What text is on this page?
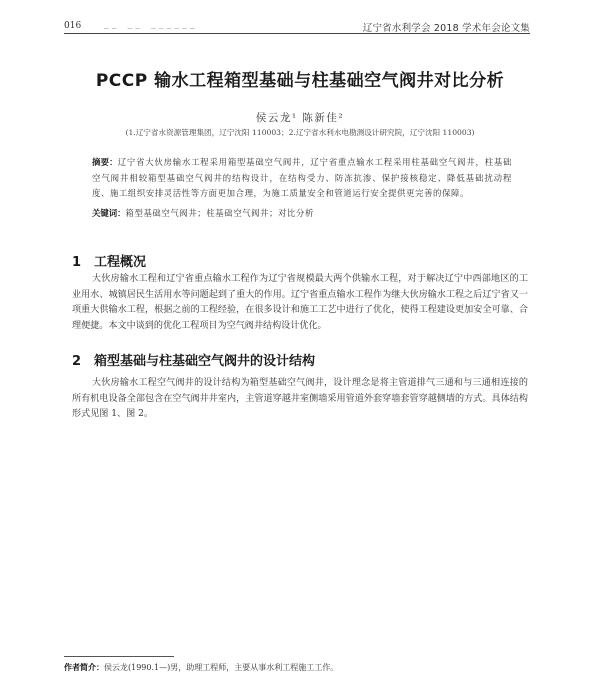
016	__ __ ______	辽宁省水利学会 2018 学术年会论文集
PCCP 输水工程箱型基础与柱基础空气阀井对比分析
侯云龙¹ 陈新佳²
(1.辽宁省水资源管理集团，辽宁沈阳 110003；2.辽宁省水利水电勘测设计研究院，辽宁沈阳 110003)
摘要：辽宁省大伙房输水工程采用箱型基础空气阀井，辽宁省重点输水工程采用柱基础空气阀井，柱基础空气阀井相较箱型基础空气阀井的结构设计，在结构受力、防冻抗渗、保护接核稳定、降低基础扰动程度、施工组织安排灵活性等方面更加合理，为施工质量安全和管道运行安全提供更完善的保障。
关键词：箱型基础空气阀井；柱基础空气阀井；对比分析
1 工程概况
大伙房输水工程和辽宁省重点输水工程作为辽宁省规模最大两个供输水工程，对于解决辽宁中西部地区的工业用水、城镇居民生活用水等问题起到了重大的作用。辽宁省重点输水工程作为继大伙房输水工程之后辽宁省又一项重大供输水工程，根据之前的工程经验，在很多设计和施工工艺中进行了优化，使得工程建设更加安全可靠、合理便捷。本文中谈到的优化工程项目为空气阀井结构设计优化。
2 箱型基础与柱基础空气阀井的设计结构
大伙房输水工程空气阀井的设计结构为箱型基础空气阀井，设计理念是将主管道排气三通和与三通相连接的所有机电设备全部包含在空气阀井井室内，主管道穿越井室侧墙采用管道外套穿墙套管穿越侧墙的方式。具体结构形式见图 1、图 2。
作者简介：侯云龙(1990.1—)男，助理工程师，主要从事水利工程施工工作。
